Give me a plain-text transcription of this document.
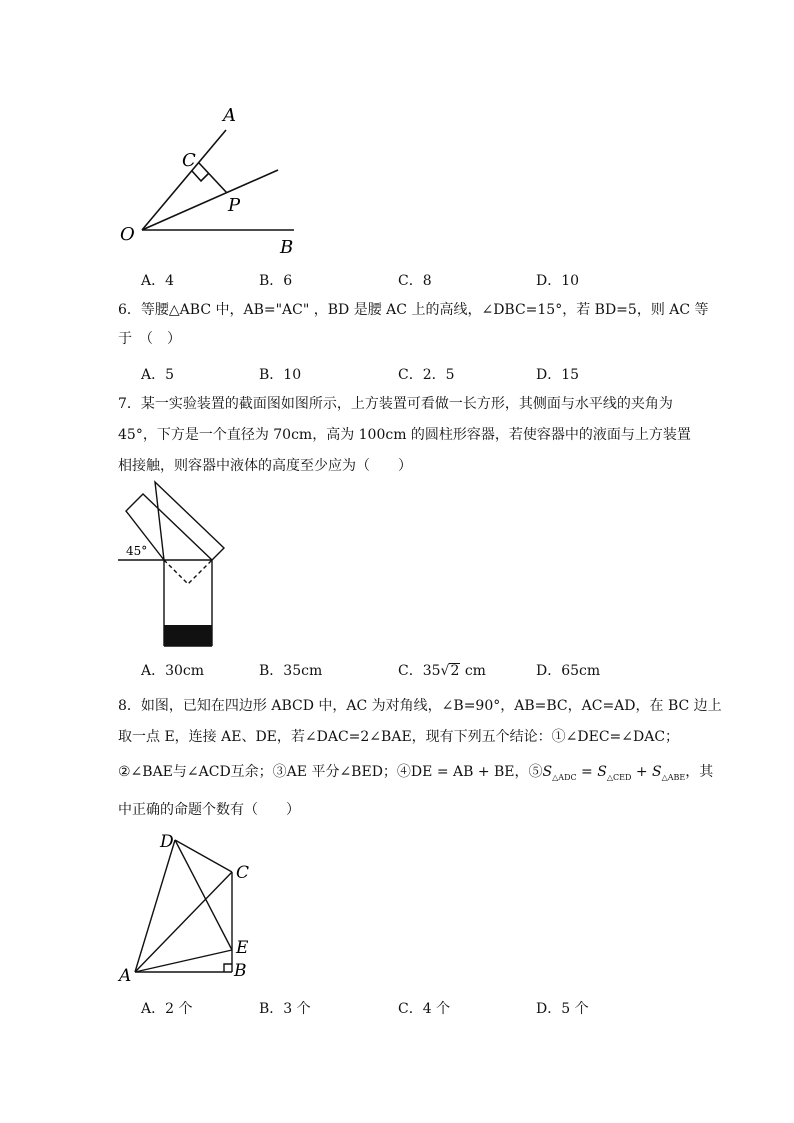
A
C
P
O
B
A．4	B．6	C．8	D．10
6．等腰△ABC 中，AB="AC" ，BD 是腰 AC 上的高线，∠DBC=15°，若 BD=5，则 AC 等
于　（　）
A．5	B．10	C．2．5	D．15
7．某一实验装置的截面图如图所示，上方装置可看做一长方形，其侧面与水平线的夹角为
45°，下方是一个直径为 70cm，高为 100cm 的圆柱形容器，若使容器中的液面与上方装置
相接触，则容器中液体的高度至少应为（　　）
45°
A．30cm	B．35cm	C．35√2 cm	D．65cm
8．如图，已知在四边形 ABCD 中，AC 为对角线，∠B=90°，AB=BC，AC=AD，在 BC 边上
取一点 E，连接 AE、DE，若∠DAC=2∠BAE，现有下列五个结论：①∠DEC=∠DAC；
②∠BAE与∠ACD互余；③AE 平分∠BED；④DE = AB + BE，$⑤S_{\triangle ADC} = S_{\triangle CED} + S_{\triangle ABE}$，其
中正确的命题个数有（　　）
D
C
E
A	B
A．2 个	B．3 个	C．4 个	D．5 个
